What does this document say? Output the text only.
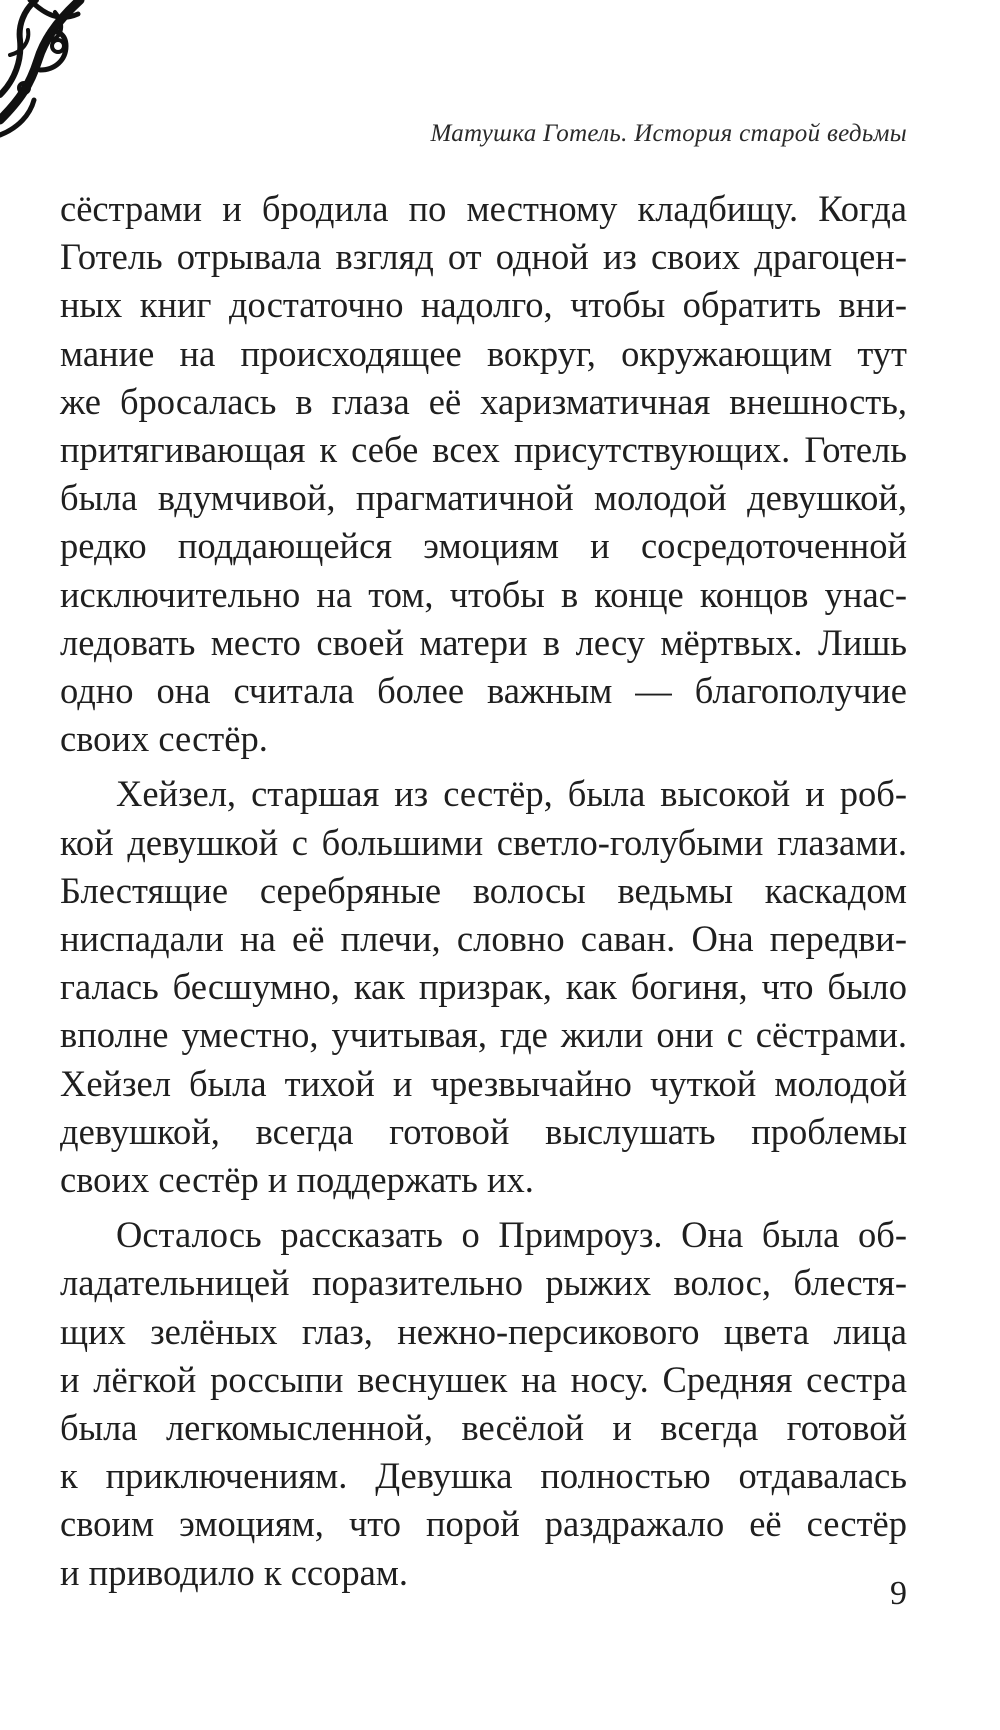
Матушка Готель. История старой ведьмы

сёстрами и бродила по местному кладбищу. Когда
Готель отрывала взгляд от одной из своих драгоцен-
ных книг достаточно надолго, чтобы обратить вни-
мание на происходящее вокруг, окружающим тут
же бросалась в глаза её харизматичная внешность,
притягивающая к себе всех присутствующих. Готель
была вдумчивой, прагматичной молодой девушкой,
редко поддающейся эмоциям и сосредоточенной
исключительно на том, чтобы в конце концов унас-
ледовать место своей матери в лесу мёртвых. Лишь
одно она считала более важным — благополучие
своих сестёр.

Хейзел, старшая из сестёр, была высокой и роб-
кой девушкой с большими светло-голубыми глазами.
Блестящие серебряные волосы ведьмы каскадом
ниспадали на её плечи, словно саван. Она передви-
галась бесшумно, как призрак, как богиня, что было
вполне уместно, учитывая, где жили они с сёстрами.
Хейзел была тихой и чрезвычайно чуткой молодой
девушкой, всегда готовой выслушать проблемы
своих сестёр и поддержать их.

Осталось рассказать о Примроуз. Она была об-
ладательницей поразительно рыжих волос, блестя-
щих зелёных глаз, нежно-персикового цвета лица
и лёгкой россыпи веснушек на носу. Средняя сестра
была легкомысленной, весёлой и всегда готовой
к приключениям. Девушка полностью отдавалась
своим эмоциям, что порой раздражало её сестёр
и приводило к ссорам.

9
